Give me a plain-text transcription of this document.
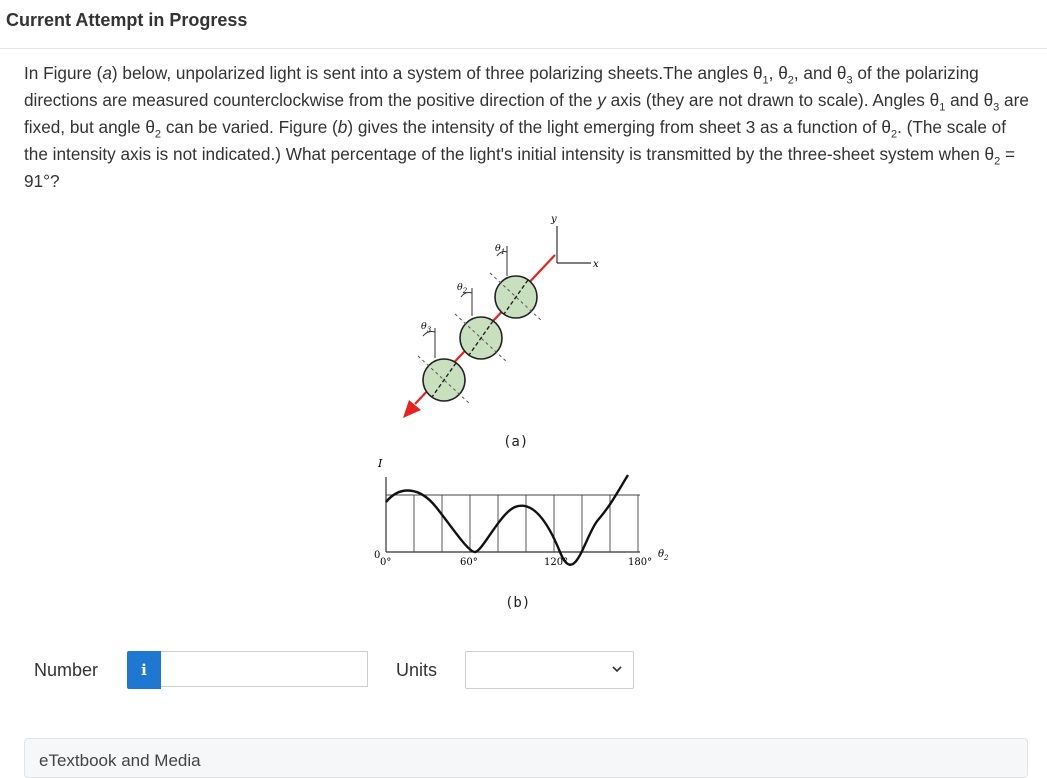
Current Attempt in Progress
In Figure (a) below, unpolarized light is sent into a system of three polarizing sheets.The angles $\theta_1$, $\theta_2$, and $\theta_3$ of the polarizing directions are measured counterclockwise from the positive direction of the y axis (they are not drawn to scale). Angles $\theta_1$ and $\theta_3$ are fixed, but angle $\theta_2$ can be varied. Figure (b) gives the intensity of the light emerging from sheet 3 as a function of $\theta_2$. (The scale of the intensity axis is not indicated.) What percentage of the light's initial intensity is transmitted by the three-sheet system when $\theta_2 = 91^\circ$?
y
x
$\theta_1$
$\theta_2$
$\theta_3$
(a)
I
0
0°	60°	120°	180°
$\theta_2$
(b)
Number	i	Units
eTextbook and Media
